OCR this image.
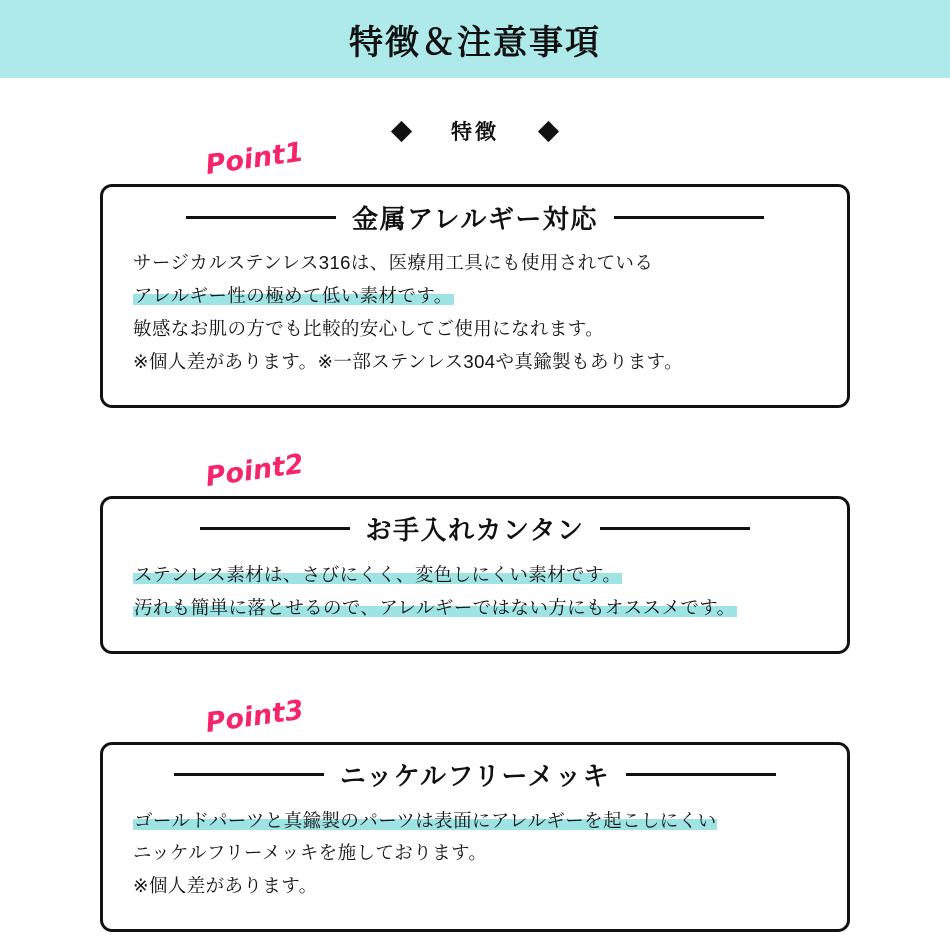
特徴＆注意事項
特徴
Point1
金属アレルギー対応
サージカルステンレス316は、医療用工具にも使用されている
アレルギー性の極めて低い素材です。
敏感なお肌の方でも比較的安心してご使用になれます。
※個人差があります。※一部ステンレス304や真鍮製もあります。
Point2
お手入れカンタン
ステンレス素材は、さびにくく、変色しにくい素材です。
汚れも簡単に落とせるので、アレルギーではない方にもオススメです。
Point3
ニッケルフリーメッキ
ゴールドパーツと真鍮製のパーツは表面にアレルギーを起こしにくい
ニッケルフリーメッキを施しております。
※個人差があります。
